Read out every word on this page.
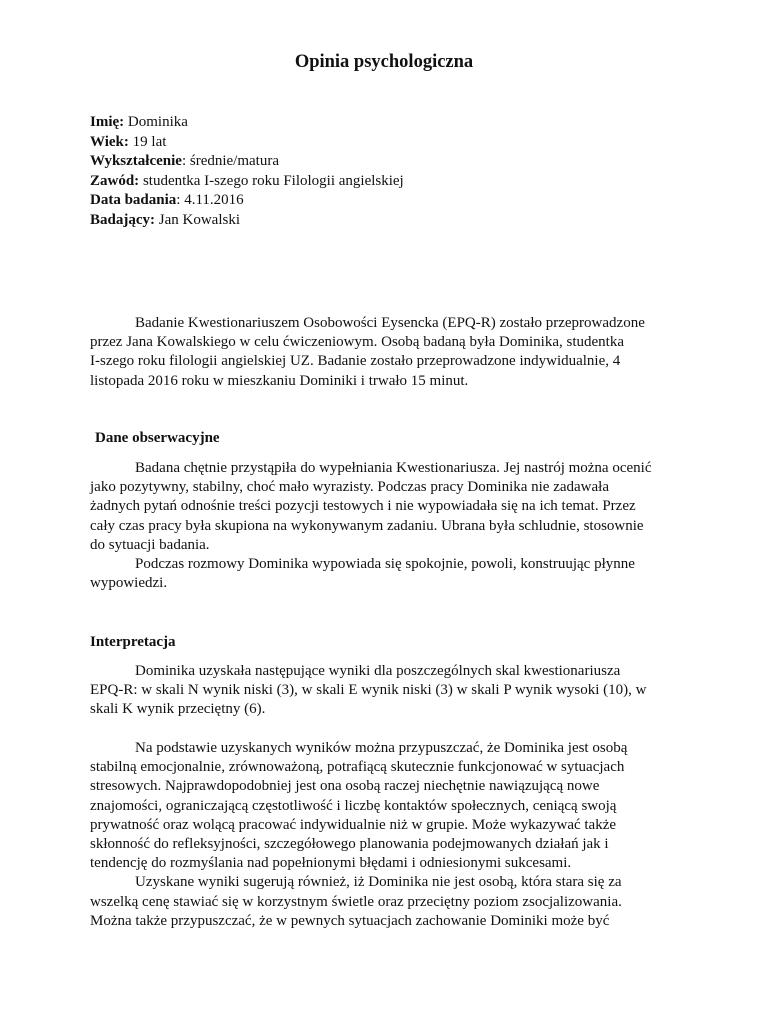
Opinia psychologiczna
Imię: Dominika
Wiek: 19 lat
Wykształcenie: średnie/matura
Zawód: studentka I-szego roku Filologii angielskiej
Data badania: 4.11.2016
Badający: Jan Kowalski

Badanie Kwestionariuszem Osobowości Eysencka (EPQ-R) zostało przeprowadzone
przez Jana Kowalskiego w celu ćwiczeniowym. Osobą badaną była Dominika, studentka
I-szego roku filologii angielskiej UZ. Badanie zostało przeprowadzone indywidualnie, 4
listopada 2016 roku w mieszkaniu Dominiki i trwało 15 minut.

Dane obserwacyjne

Badana chętnie przystąpiła do wypełniania Kwestionariusza. Jej nastrój można ocenić
jako pozytywny, stabilny, choć mało wyrazisty. Podczas pracy Dominika nie zadawała
żadnych pytań odnośnie treści pozycji testowych i nie wypowiadała się na ich temat. Przez
cały czas pracy była skupiona na wykonywanym zadaniu. Ubrana była schludnie, stosownie
do sytuacji badania.
Podczas rozmowy Dominika wypowiada się spokojnie, powoli, konstruując płynne
wypowiedzi.

Interpretacja

Dominika uzyskała następujące wyniki dla poszczególnych skal kwestionariusza
EPQ-R: w skali N wynik niski (3), w skali E wynik niski (3) w skali P wynik wysoki (10), w
skali K wynik przeciętny (6).

Na podstawie uzyskanych wyników można przypuszczać, że Dominika jest osobą
stabilną emocjonalnie, zrównoważoną, potrafiącą skutecznie funkcjonować w sytuacjach
stresowych. Najprawdopodobniej jest ona osobą raczej niechętnie nawiązującą nowe
znajomości, ograniczającą częstotliwość i liczbę kontaktów społecznych, ceniącą swoją
prywatność oraz wolącą pracować indywidualnie niż w grupie. Może wykazywać także
skłonność do refleksyjności, szczegółowego planowania podejmowanych działań jak i
tendencję do rozmyślania nad popełnionymi błędami i odniesionymi sukcesami.
Uzyskane wyniki sugerują również, iż Dominika nie jest osobą, która stara się za
wszelką cenę stawiać się w korzystnym świetle oraz przeciętny poziom zsocjalizowania.
Można także przypuszczać, że w pewnych sytuacjach zachowanie Dominiki może być
